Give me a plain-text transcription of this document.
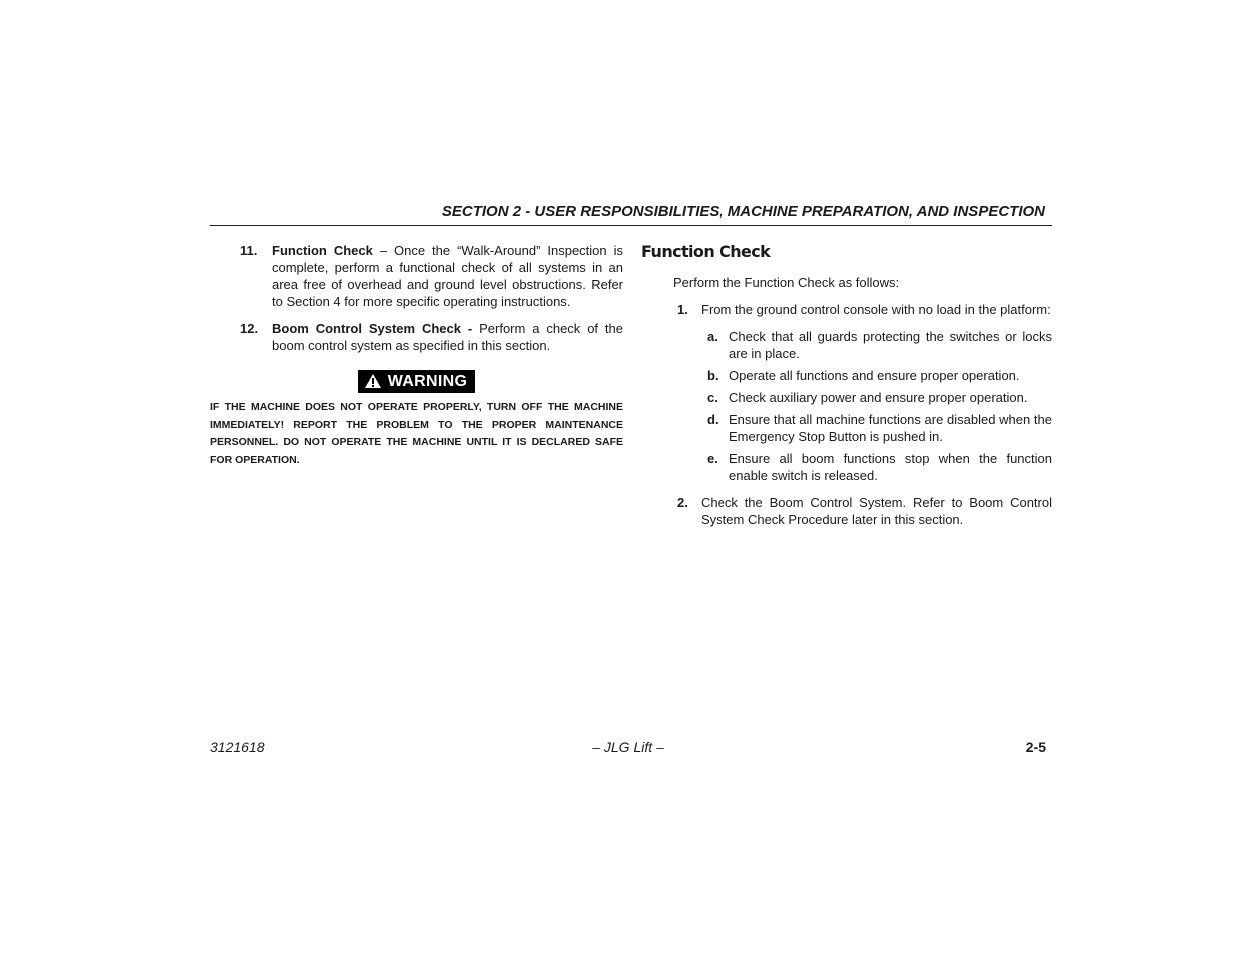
SECTION 2 - USER RESPONSIBILITIES, MACHINE PREPARATION, AND INSPECTION
11. Function Check – Once the “Walk-Around” Inspection is complete, perform a functional check of all systems in an area free of overhead and ground level obstructions. Refer to Section 4 for more specific operating instructions.
12. Boom Control System Check - Perform a check of the boom control system as specified in this section.
WARNING
IF THE MACHINE DOES NOT OPERATE PROPERLY, TURN OFF THE MACHINE IMMEDIATELY! REPORT THE PROBLEM TO THE PROPER MAINTENANCE PERSONNEL. DO NOT OPERATE THE MACHINE UNTIL IT IS DECLARED SAFE FOR OPERATION.
Function Check
Perform the Function Check as follows:
1. From the ground control console with no load in the platform:
a. Check that all guards protecting the switches or locks are in place.
b. Operate all functions and ensure proper operation.
c. Check auxiliary power and ensure proper operation.
d. Ensure that all machine functions are disabled when the Emergency Stop Button is pushed in.
e. Ensure all boom functions stop when the function enable switch is released.
2. Check the Boom Control System. Refer to Boom Control System Check Procedure later in this section.
3121618	– JLG Lift –	2-5
